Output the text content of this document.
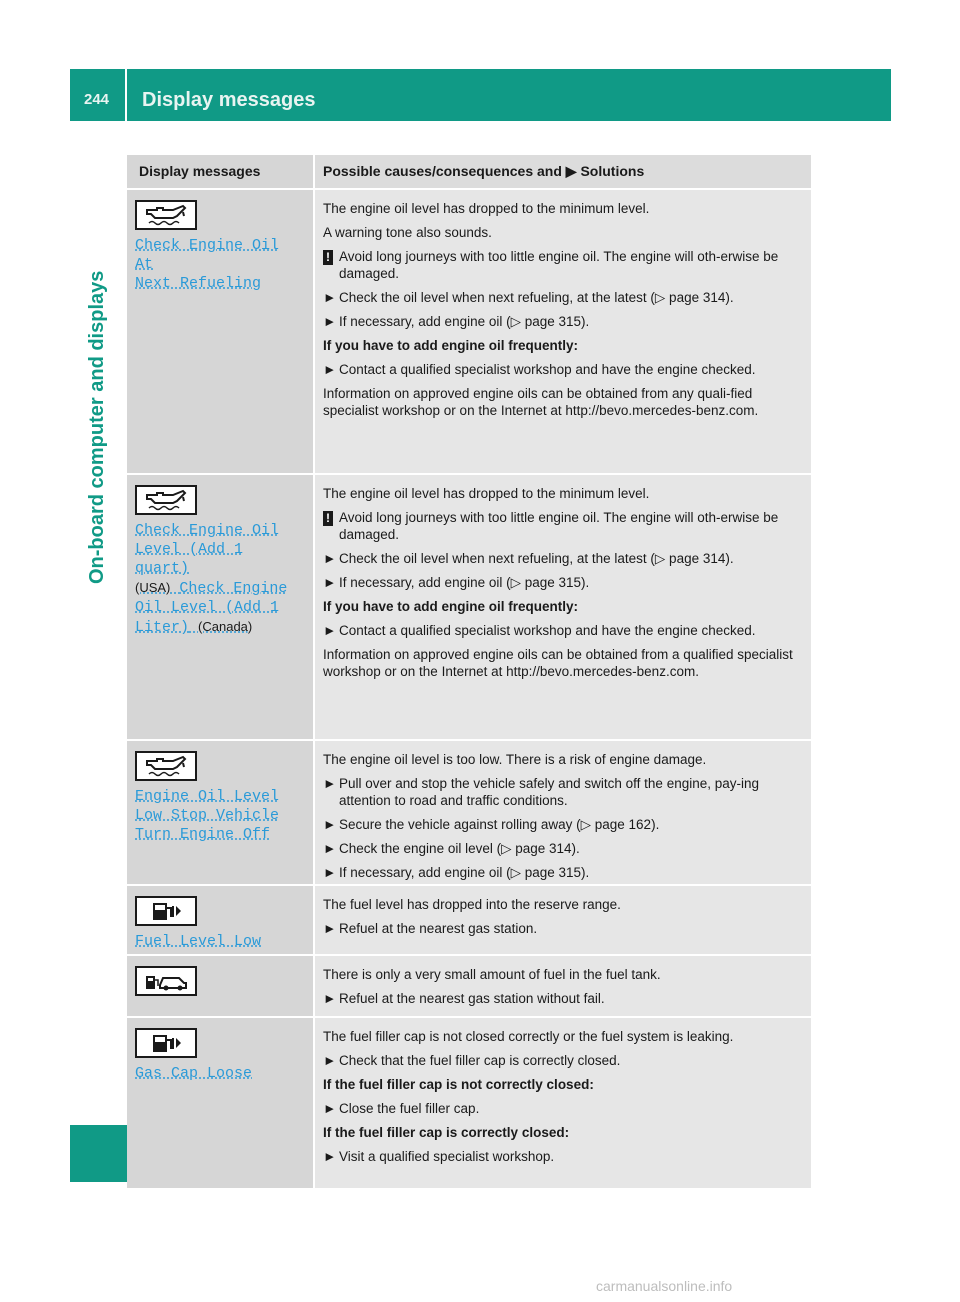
244 Display messages
On-board computer and displays
Display messages	Possible causes/consequences and ▶ Solutions
Check Engine Oil At
Next Refueling

The engine oil level has dropped to the minimum level.

A warning tone also sounds.

! Avoid long journeys with too little engine oil. The engine will oth-erwise be damaged.
► Check the oil level when next refueling, at the latest (▷ page 314).
► If necessary, add engine oil (▷ page 315).
If you have to add engine oil frequently:
► Contact a qualified specialist workshop and have the engine checked.

Information on approved engine oils can be obtained from any quali-fied specialist workshop or on the Internet at http://bevo.mercedes-benz.com.

Check Engine Oil
Level (Add 1 quart)
(USA) Check Engine
Oil Level (Add 1
Liter) (Canada)

The engine oil level has dropped to the minimum level.

! Avoid long journeys with too little engine oil. The engine will oth-erwise be damaged.
► Check the oil level when next refueling, at the latest (▷ page 314).
► If necessary, add engine oil (▷ page 315).
If you have to add engine oil frequently:
► Contact a qualified specialist workshop and have the engine checked.

Information on approved engine oils can be obtained from a qualified specialist workshop or on the Internet at http://bevo.mercedes-benz.com.

Engine Oil Level
Low Stop Vehicle
Turn Engine Off

The engine oil level is too low. There is a risk of engine damage.

► Pull over and stop the vehicle safely and switch off the engine, pay-ing attention to road and traffic conditions.
► Secure the vehicle against rolling away (▷ page 162).
► Check the engine oil level (▷ page 314).
► If necessary, add engine oil (▷ page 315).
Fuel Level Low

The fuel level has dropped into the reserve range.

► Refuel at the nearest gas station.

There is only a very small amount of fuel in the fuel tank.

► Refuel at the nearest gas station without fail.
Gas Cap Loose

The fuel filler cap is not closed correctly or the fuel system is leaking.

► Check that the fuel filler cap is correctly closed.
If the fuel filler cap is not correctly closed:
► Close the fuel filler cap.
If the fuel filler cap is correctly closed:
► Visit a qualified specialist workshop.
carmanualsonline.info
